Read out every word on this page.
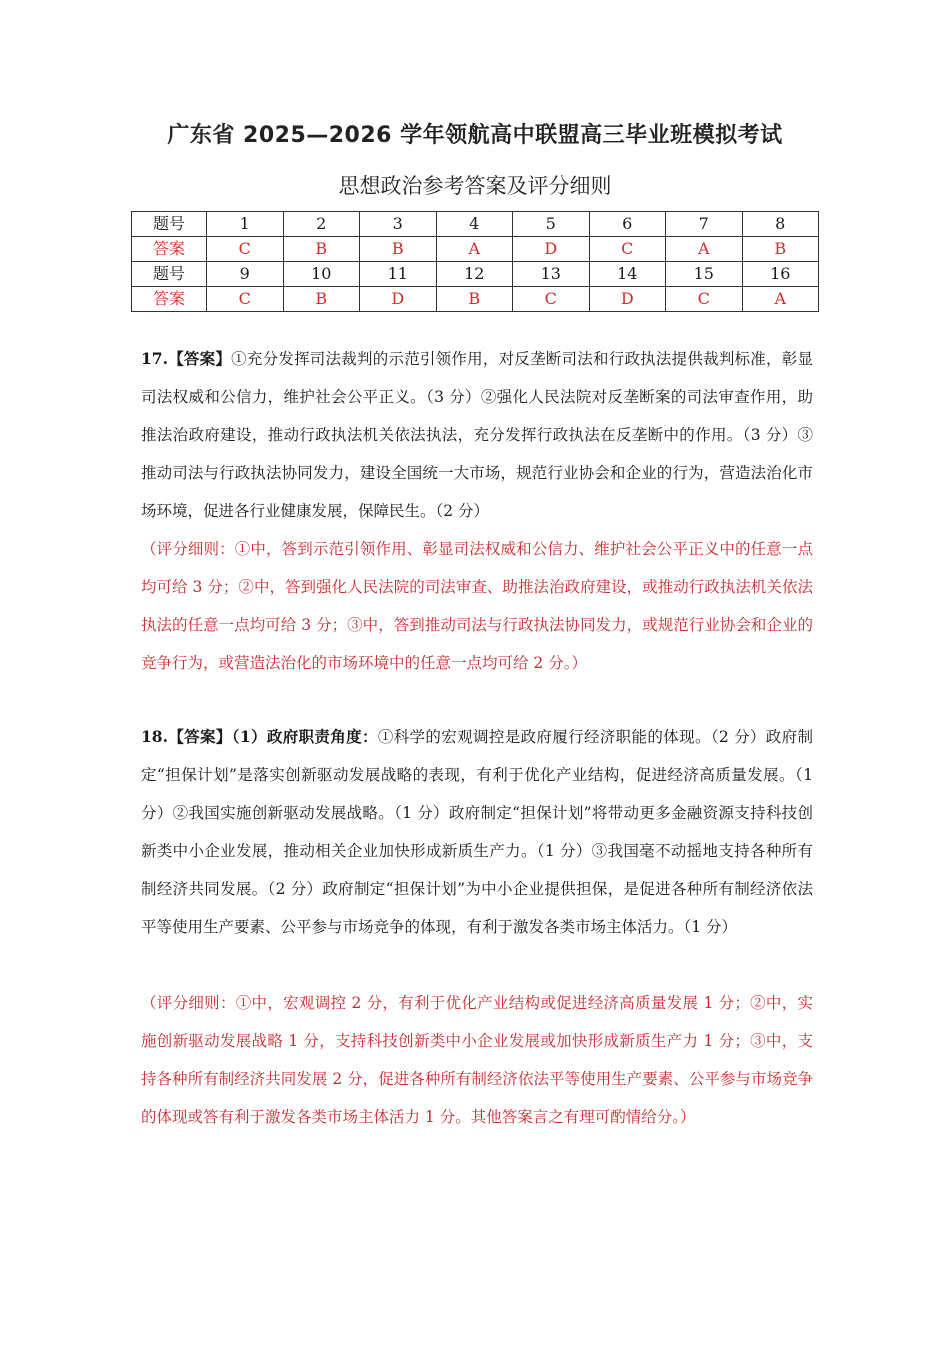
广东省 2025—2026 学年领航高中联盟高三毕业班模拟考试
思想政治参考答案及评分细则
题号	1	2	3	4	5	6	7	8
答案	C	B	B	A	D	C	A	B
题号	9	10	11	12	13	14	15	16
答案	C	B	D	B	C	D	C	A
17.【答案】①充分发挥司法裁判的示范引领作用，对反垄断司法和行政执法提供裁判标准，彰显司法权威和公信力，维护社会公平正义。（3 分）②强化人民法院对反垄断案的司法审查作用，助推法治政府建设，推动行政执法机关依法执法，充分发挥行政执法在反垄断中的作用。（3 分）③推动司法与行政执法协同发力，建设全国统一大市场，规范行业协会和企业的行为，营造法治化市场环境，促进各行业健康发展，保障民生。（2 分）
（评分细则：①中，答到示范引领作用、彰显司法权威和公信力、维护社会公平正义中的任意一点均可给 3 分；②中，答到强化人民法院的司法审查、助推法治政府建设，或推动行政执法机关依法执法的任意一点均可给 3 分；③中，答到推动司法与行政执法协同发力，或规范行业协会和企业的竞争行为，或营造法治化的市场环境中的任意一点均可给 2 分。）
18.【答案】（1）政府职责角度：①科学的宏观调控是政府履行经济职能的体现。（2 分）政府制定“担保计划”是落实创新驱动发展战略的表现，有利于优化产业结构，促进经济高质量发展。（1 分）②我国实施创新驱动发展战略。（1 分）政府制定“担保计划”将带动更多金融资源支持科技创新类中小企业发展，推动相关企业加快形成新质生产力。（1 分）③我国毫不动摇地支持各种所有制经济共同发展。（2 分）政府制定“担保计划”为中小企业提供担保，是促进各种所有制经济依法平等使用生产要素、公平参与市场竞争的体现，有利于激发各类市场主体活力。（1 分）
（评分细则：①中，宏观调控 2 分，有利于优化产业结构或促进经济高质量发展 1 分；②中，实施创新驱动发展战略 1 分，支持科技创新类中小企业发展或加快形成新质生产力 1 分；③中，支持各种所有制经济共同发展 2 分，促进各种所有制经济依法平等使用生产要素、公平参与市场竞争的体现或答有利于激发各类市场主体活力 1 分。其他答案言之有理可酌情给分。）
